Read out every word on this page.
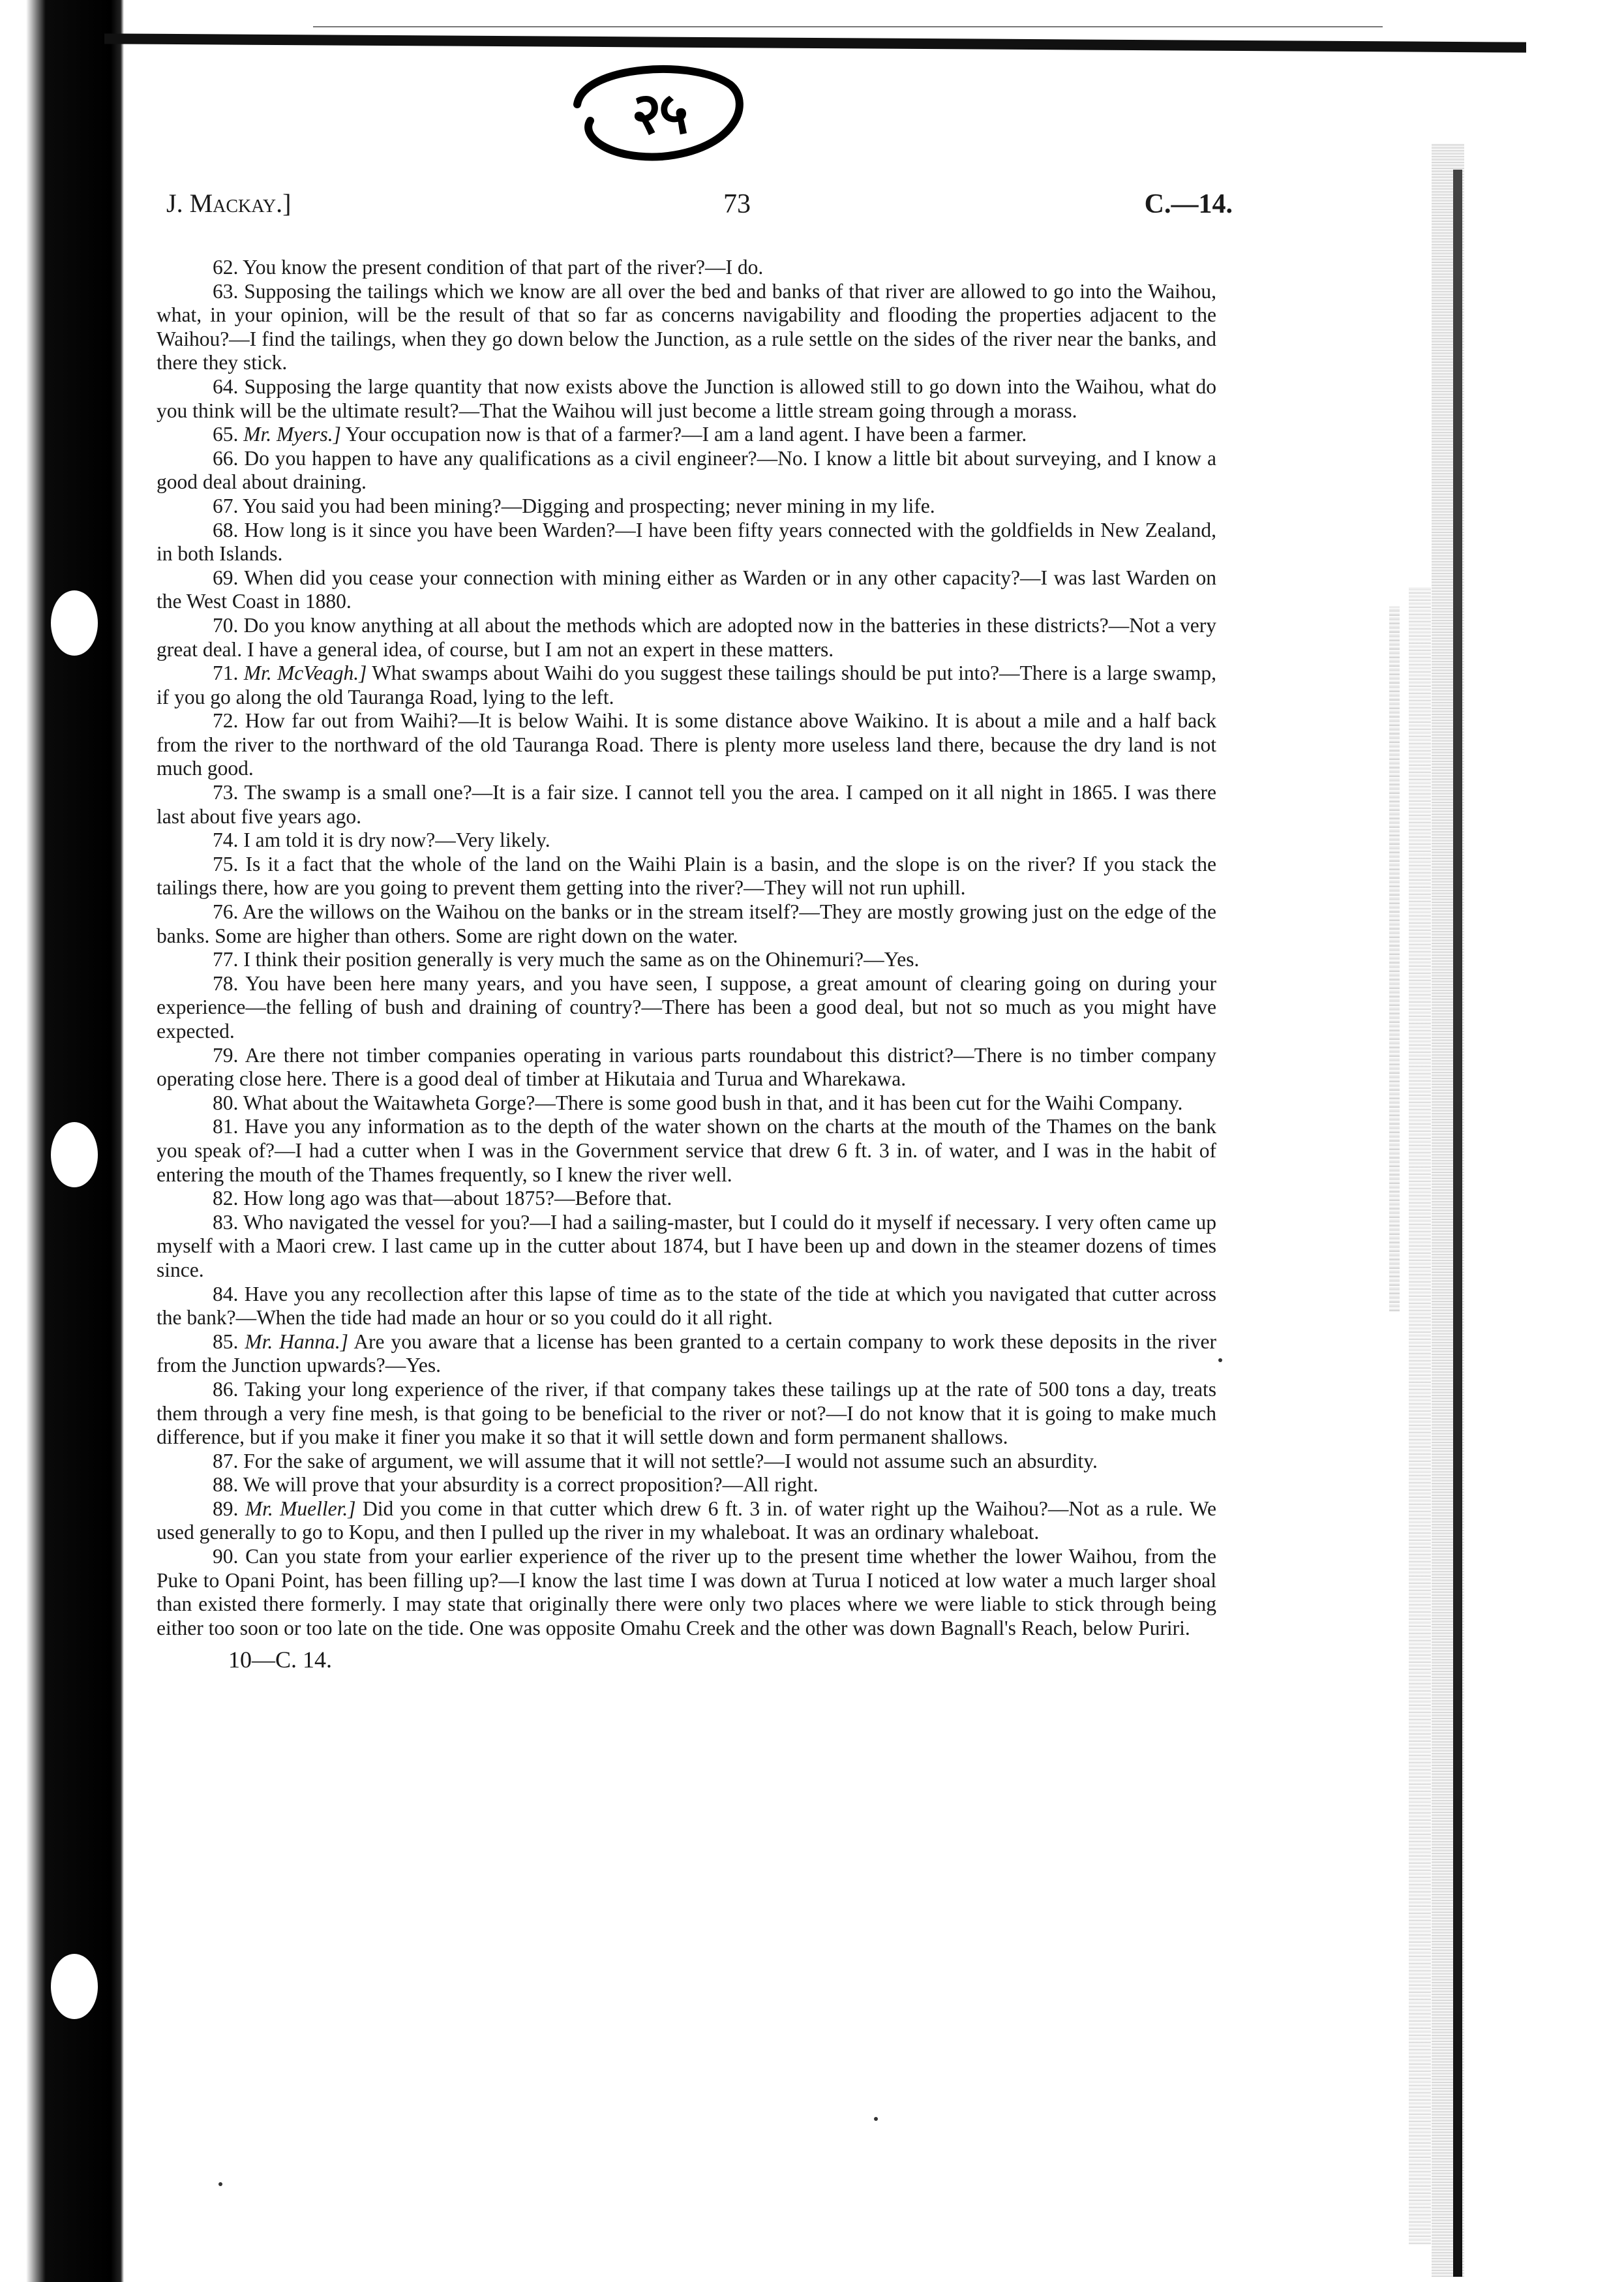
२५
J. Mackay.]	73	C.—14.

62. You know the present condition of that part of the river?—I do.

63. Supposing the tailings which we know are all over the bed and banks of that river are allowed to go into the Waihou, what, in your opinion, will be the result of that so far as concerns navigability and flooding the properties adjacent to the Waihou?—I find the tailings, when they go down below the Junction, as a rule settle on the sides of the river near the banks, and there they stick.

64. Supposing the large quantity that now exists above the Junction is allowed still to go down into the Waihou, what do you think will be the ultimate result?—That the Waihou will just become a little stream going through a morass.

65. Mr. Myers.] Your occupation now is that of a farmer?—I am a land agent. I have been a farmer.

66. Do you happen to have any qualifications as a civil engineer?—No. I know a little bit about surveying, and I know a good deal about draining.

67. You said you had been mining?—Digging and prospecting; never mining in my life.

68. How long is it since you have been Warden?—I have been fifty years connected with the goldfields in New Zealand, in both Islands.

69. When did you cease your connection with mining either as Warden or in any other capacity?—I was last Warden on the West Coast in 1880.

70. Do you know anything at all about the methods which are adopted now in the batteries in these districts?—Not a very great deal. I have a general idea, of course, but I am not an expert in these matters.

71. Mr. McVeagh.] What swamps about Waihi do you suggest these tailings should be put into?—There is a large swamp, if you go along the old Tauranga Road, lying to the left.

72. How far out from Waihi?—It is below Waihi. It is some distance above Waikino. It is about a mile and a half back from the river to the northward of the old Tauranga Road. There is plenty more useless land there, because the dry land is not much good.

73. The swamp is a small one?—It is a fair size. I cannot tell you the area. I camped on it all night in 1865. I was there last about five years ago.

74. I am told it is dry now?—Very likely.

75. Is it a fact that the whole of the land on the Waihi Plain is a basin, and the slope is on the river? If you stack the tailings there, how are you going to prevent them getting into the river?—They will not run uphill.

76. Are the willows on the Waihou on the banks or in the stream itself?—They are mostly growing just on the edge of the banks. Some are higher than others. Some are right down on the water.

77. I think their position generally is very much the same as on the Ohinemuri?—Yes.

78. You have been here many years, and you have seen, I suppose, a great amount of clearing going on during your experience—the felling of bush and draining of country?—There has been a good deal, but not so much as you might have expected.

79. Are there not timber companies operating in various parts roundabout this district?—There is no timber company operating close here. There is a good deal of timber at Hikutaia and Turua and Wharekawa.

80. What about the Waitawheta Gorge?—There is some good bush in that, and it has been cut for the Waihi Company.

81. Have you any information as to the depth of the water shown on the charts at the mouth of the Thames on the bank you speak of?—I had a cutter when I was in the Government service that drew 6 ft. 3 in. of water, and I was in the habit of entering the mouth of the Thames frequently, so I knew the river well.

82. How long ago was that—about 1875?—Before that.

83. Who navigated the vessel for you?—I had a sailing-master, but I could do it myself if necessary. I very often came up myself with a Maori crew. I last came up in the cutter about 1874, but I have been up and down in the steamer dozens of times since.

84. Have you any recollection after this lapse of time as to the state of the tide at which you navigated that cutter across the bank?—When the tide had made an hour or so you could do it all right.

85. Mr. Hanna.] Are you aware that a license has been granted to a certain company to work these deposits in the river from the Junction upwards?—Yes.

86. Taking your long experience of the river, if that company takes these tailings up at the rate of 500 tons a day, treats them through a very fine mesh, is that going to be beneficial to the river or not?—I do not know that it is going to make much difference, but if you make it finer you make it so that it will settle down and form permanent shallows.

87. For the sake of argument, we will assume that it will not settle?—I would not assume such an absurdity.

88. We will prove that your absurdity is a correct proposition?—All right.

89. Mr. Mueller.] Did you come in that cutter which drew 6 ft. 3 in. of water right up the Waihou?—Not as a rule. We used generally to go to Kopu, and then I pulled up the river in my whaleboat. It was an ordinary whaleboat.

90. Can you state from your earlier experience of the river up to the present time whether the lower Waihou, from the Puke to Opani Point, has been filling up?—I know the last time I was down at Turua I noticed at low water a much larger shoal than existed there formerly. I may state that originally there were only two places where we were liable to stick through being either too soon or too late on the tide. One was opposite Omahu Creek and the other was down Bagnall's Reach, below Puriri.

10—C. 14.
